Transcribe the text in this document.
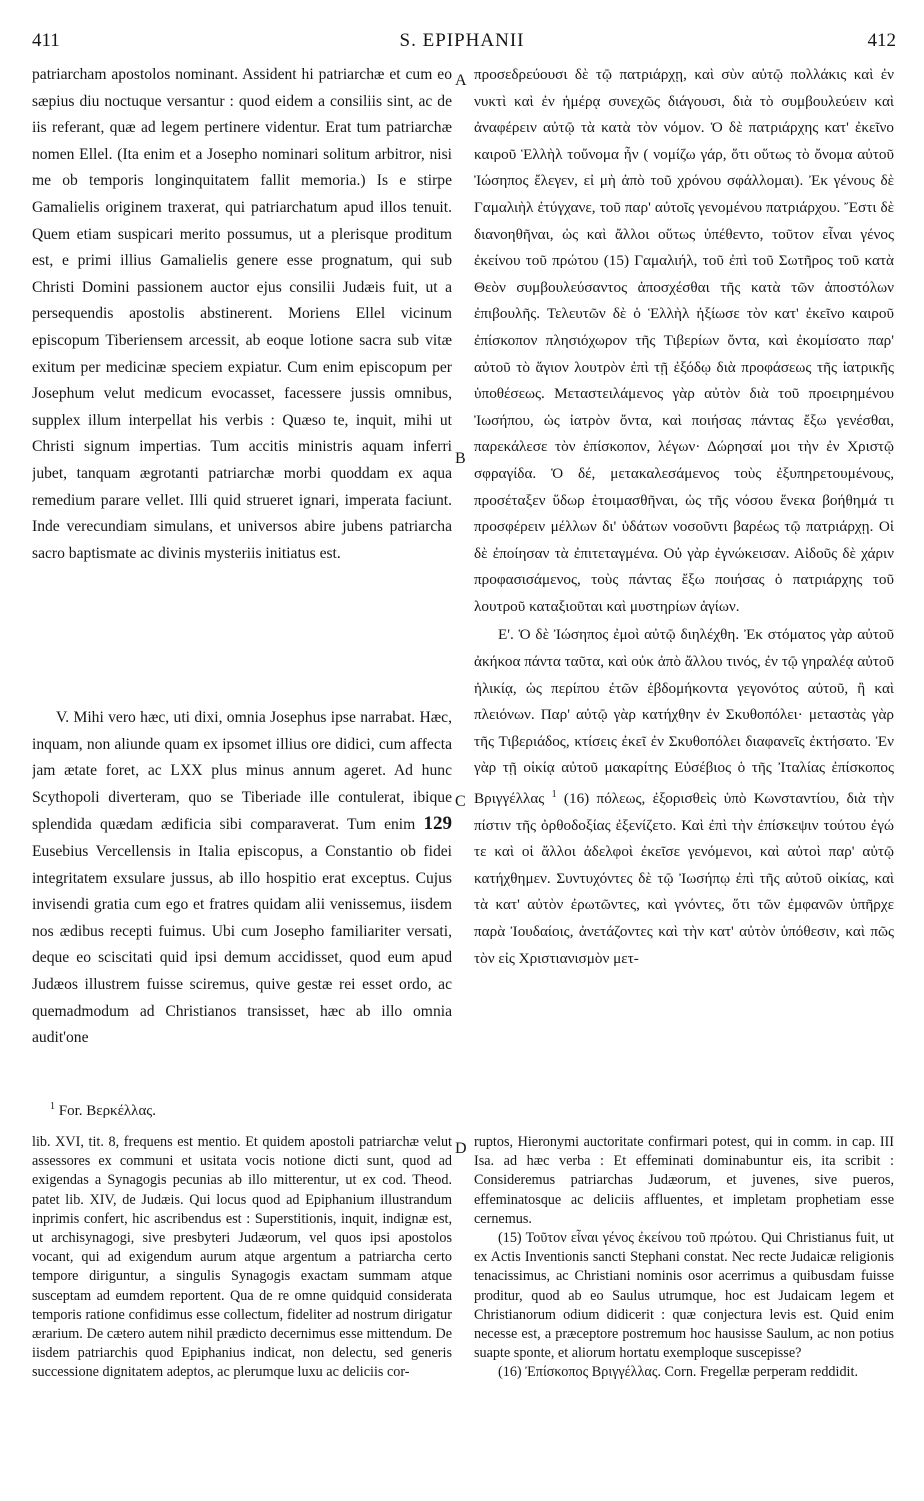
411	S. EPIPHANII	412

patriarcham apostolos nominant. Assident hi patriarchæ et cum eo sæpius diu noctuque versantur : quod eidem a consiliis sint, ac de iis referant, quæ ad legem pertinere videntur. Erat tum patriarchæ nomen Ellel. (Ita enim et a Josepho nominari solitum arbitror, nisi me ob temporis longinquitatem fallit memoria.) Is e stirpe Gamalielis originem traxerat, qui patriarchatum apud illos tenuit. Quem etiam suspicari merito possumus, ut a plerisque proditum est, e primi illius Gamalielis genere esse prognatum, qui sub Christi Domini passionem auctor ejus consilii Judæis fuit, ut a persequendis apostolis abstinerent. Moriens Ellel vicinum episcopum Tiberiensem arcessit, ab eoque lotione sacra sub vitæ exitum per medicinæ speciem expiatur. Cum enim episcopum per Josephum velut medicum evocasset, facessere jussis omnibus, supplex illum interpellat his verbis : Quæso te, inquit, mihi ut Christi signum impertias. Tum accitis ministris aquam inferri jubet, tanquam ægrotanti patriarchæ morbi quoddam ex aqua remedium parare vellet. Illi quid strueret ignari, imperata faciunt. Inde verecundiam simulans, et universos abire jubens patriarcha sacro baptismate ac divinis mysteriis initiatus est.

V. Mihi vero hæc, uti dixi, omnia Josephus ipse narrabat. Hæc, inquam, non aliunde quam ex ipsomet illius ore didici, cum affecta jam ætate foret, ac LXX plus minus annum ageret. Ad hunc Scythopoli diverteram, quo se Tiberiade ille contulerat, ibique splendida quædam ædificia sibi comparaverat. Tum enim 129 Eusebius Vercellensis in Italia episcopus, a Constantio ob fidei integritatem exsulare jussus, ab illo hospitio erat exceptus. Cujus invisendi gratia cum ego et fratres quidam alii venissemus, iisdem nos ædibus recepti fuimus. Ubi cum Josepho familiariter versati, deque eo sciscitati quid ipsi demum accidisset, quod eum apud Judæos illustrem fuisse sciremus, quive gestæ rei esset ordo, ac quemadmodum ad Christianos transisset, hæc ab illo omnia audit'one

A
B
C
D

προσεδρεύουσι δὲ τῷ πατριάρχῃ, καὶ σὺν αὐτῷ πολλάκις καὶ ἐν νυκτὶ καὶ ἐν ἡμέρᾳ συνεχῶς διάγουσι, διὰ τὸ συμβουλεύειν καὶ ἀναφέρειν αὐτῷ τὰ κατὰ τὸν νόμον. Ὁ δὲ πατριάρχης κατ' ἐκεῖνο καιροῦ Ἑλλὴλ τοὔνομα ἦν ( νομίζω γάρ, ὅτι οὕτως τὸ ὄνομα αὐτοῦ Ἰώσηπος ἔλεγεν, εἰ μὴ ἀπὸ τοῦ χρόνου σφάλλομαι). Ἐκ γένους δὲ Γαμαλιὴλ ἐτύγχανε, τοῦ παρ' αὐτοῖς γενομένου πατριάρχου. Ἔστι δὲ διανοηθῆναι, ὡς καὶ ἄλλοι οὕτως ὑπέθεντο, τοῦτον εἶναι γένος ἐκείνου τοῦ πρώτου (15) Γαμαλιήλ, τοῦ ἐπὶ τοῦ Σωτῆρος τοῦ κατὰ Θεὸν συμβουλεύσαντος ἀποσχέσθαι τῆς κατὰ τῶν ἀποστόλων ἐπιβουλῆς. Τελευτῶν δὲ ὁ Ἑλλὴλ ἠξίωσε τὸν κατ' ἐκεῖνο καιροῦ ἐπίσκοπον πλησιόχωρον τῆς Τιβερίων ὄντα, καὶ ἐκομίσατο παρ' αὐτοῦ τὸ ἅγιον λουτρὸν ἐπὶ τῇ ἐξόδῳ διὰ προφάσεως τῆς ἰατρικῆς ὑποθέσεως. Μεταστειλάμενος γὰρ αὐτὸν διὰ τοῦ προειρημένου Ἰωσήπου, ὡς ἰατρὸν ὄντα, καὶ ποιήσας πάντας ἔξω γενέσθαι, παρεκάλεσε τὸν ἐπίσκοπον, λέγων· Δώρησαί μοι τὴν ἐν Χριστῷ σφραγίδα. Ὁ δέ, μετακαλεσάμενος τοὺς ἐξυπηρετουμένους, προσέταξεν ὕδωρ ἑτοιμασθῆναι, ὡς τῆς νόσου ἕνεκα βοήθημά τι προσφέρειν μέλλων δι' ὑδάτων νοσοῦντι βαρέως τῷ πατριάρχῃ. Οἱ δὲ ἐποίησαν τὰ ἐπιτεταγμένα. Οὐ γὰρ ἐγνώκεισαν. Αἰδοῦς δὲ χάριν προφασισάμενος, τοὺς πάντας ἔξω ποιήσας ὁ πατριάρχης τοῦ λουτροῦ καταξιοῦται καὶ μυστηρίων ἁγίων.

Ε'. Ὁ δὲ Ἰώσηπος ἐμοὶ αὐτῷ διηλέχθη. Ἐκ στόματος γὰρ αὐτοῦ ἀκήκοα πάντα ταῦτα, καὶ οὐκ ἀπὸ ἄλλου τινός, ἐν τῷ γηραλέᾳ αὐτοῦ ἡλικίᾳ, ὡς περίπου ἐτῶν ἑβδομήκοντα γεγονότος αὐτοῦ, ἢ καὶ πλειόνων. Παρ' αὐτῷ γὰρ κατήχθην ἐν Σκυθοπόλει· μεταστὰς γὰρ τῆς Τιβεριάδος, κτίσεις ἐκεῖ ἐν Σκυθοπόλει διαφανεῖς ἐκτήσατο. Ἐν γὰρ τῇ οἰκίᾳ αὐτοῦ μακαρίτης Εὐσέβιος ὁ τῆς Ἰταλίας ἐπίσκοπος Βριγγέλλας $^1$ (16) πόλεως, ἐξορισθεὶς ὑπὸ Κωνσταντίου, διὰ τὴν πίστιν τῆς ὀρθοδοξίας ἐξενίζετο. Καὶ ἐπὶ τὴν ἐπίσκεψιν τούτου ἐγώ τε καὶ οἱ ἄλλοι ἀδελφοὶ ἐκεῖσε γενόμενοι, καὶ αὐτοὶ παρ' αὐτῷ κατήχθημεν. Συντυχόντες δὲ τῷ Ἰωσήπῳ ἐπὶ τῆς αὐτοῦ οἰκίας, καὶ τὰ κατ' αὐτὸν ἐρωτῶντες, καὶ γνόντες, ὅτι τῶν ἐμφανῶν ὑπῆρχε παρὰ Ἰουδαίοις, ἀνετάζοντες καὶ τὴν κατ' αὐτὸν ὑπόθεσιν, καὶ πῶς τὸν εἰς Χριστιανισμὸν μετ-

$^1$ For. Βερκέλλας.

lib. XVI, tit. 8, frequens est mentio. Et quidem apostoli patriarchæ velut assessores ex communi et usitata vocis notione dicti sunt, quod ad exigendas a Synagogis pecunias ab illo mitterentur, ut ex cod. Theod. patet lib. XIV, de Judæis. Qui locus quod ad Epiphanium illustrandum inprimis confert, hic ascribendus est : Superstitionis, inquit, indignæ est, ut archisynagogi, sive presbyteri Judæorum, vel quos ipsi apostolos vocant, qui ad exigendum aurum atque argentum a patriarcha certo tempore diriguntur, a singulis Synagogis exactam summam atque susceptam ad eumdem reportent. Qua de re omne quidquid considerata temporis ratione confidimus esse collectum, fideliter ad nostrum dirigatur ærarium. De cætero autem nihil prædicto decernimus esse mittendum. De iisdem patriarchis quod Epiphanius indicat, non delectu, sed generis successione dignitatem adeptos, ac plerumque luxu ac deliciis cor-

ruptos, Hieronymi auctoritate confirmari potest, qui in comm. in cap. III Isa. ad hæc verba : Et effeminati dominabuntur eis, ita scribit : Consideremus patriarchas Judæorum, et juvenes, sive pueros, effeminatosque ac deliciis affluentes, et impletam prophetiam esse cernemus.

(15) Τοῦτον εἶναι γένος ἐκείνου τοῦ πρώτου. Qui Christianus fuit, ut ex Actis Inventionis sancti Stephani constat. Nec recte Judaicæ religionis tenacissimus, ac Christiani nominis osor acerrimus a quibusdam fuisse proditur, quod ab eo Saulus utrumque, hoc est Judaicam legem et Christianorum odium didicerit : quæ conjectura levis est. Quid enim necesse est, a præceptore postremum hoc hausisse Saulum, ac non potius suapte sponte, et aliorum hortatu exemploque suscepisse?

(16) Ἐπίσκοπος Βριγγέλλας. Corn. Fregellæ perperam reddidit.
